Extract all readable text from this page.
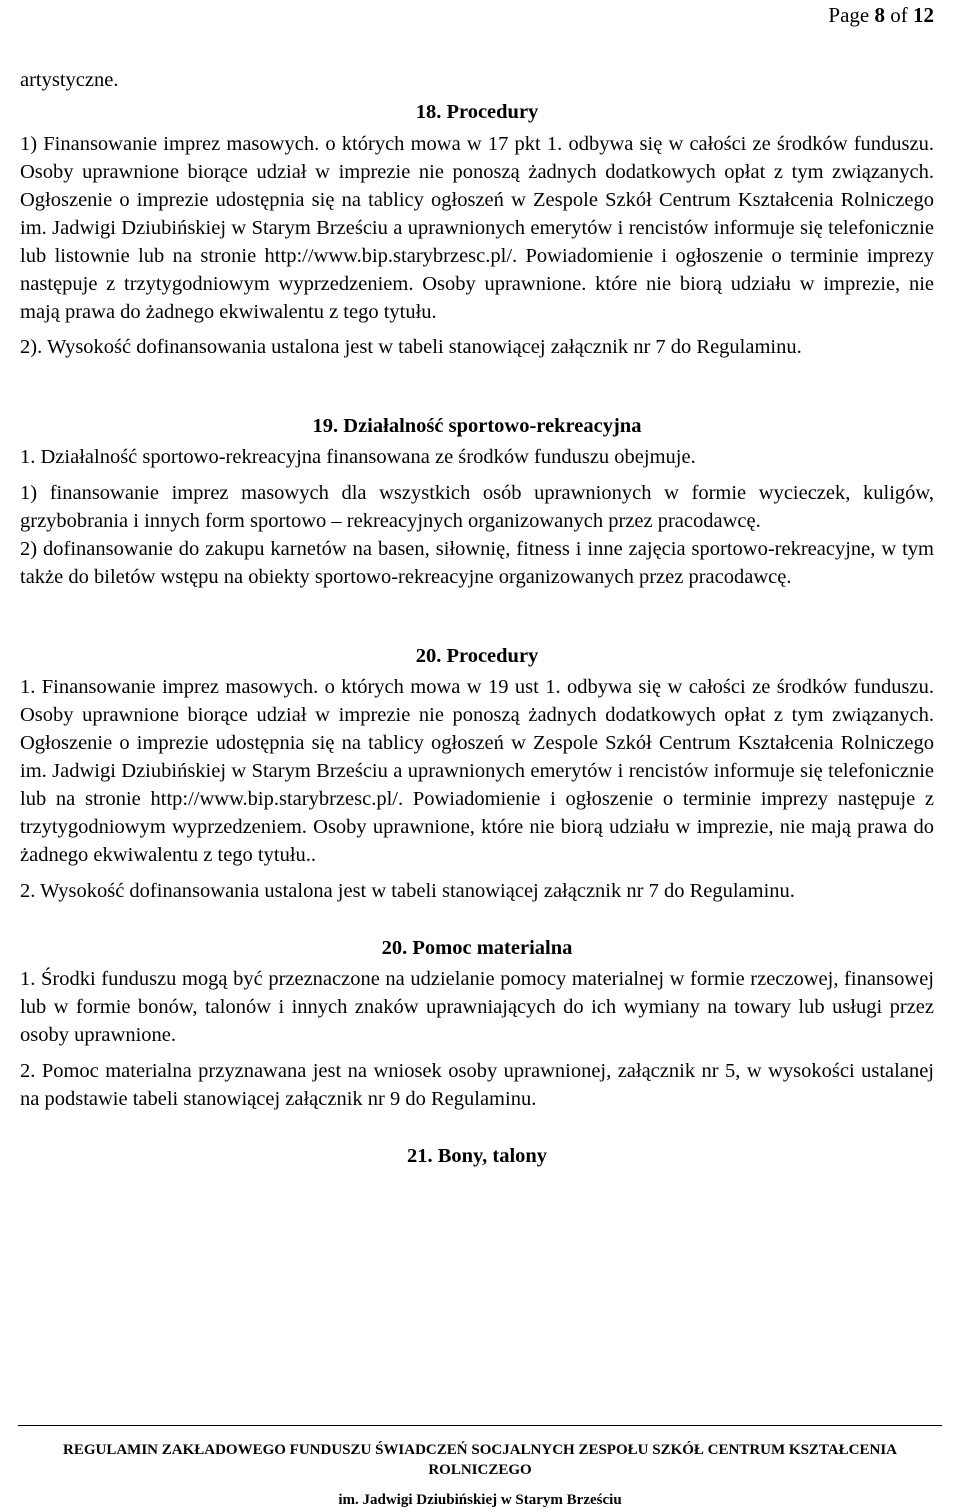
Page 8 of 12

artystyczne.

18. Procedury

1) Finansowanie imprez masowych. o których mowa w 17 pkt 1. odbywa się w całości ze środków funduszu. Osoby uprawnione biorące udział w imprezie nie ponoszą żadnych dodatkowych opłat z tym związanych. Ogłoszenie o imprezie udostępnia się na tablicy ogłoszeń w Zespole Szkół Centrum Kształcenia Rolniczego im. Jadwigi Dziubińskiej w Starym Brześciu a uprawnionych emerytów i rencistów informuje się telefonicznie lub listownie lub na stronie http://www.bip.starybrzesc.pl/. Powiadomienie i ogłoszenie o terminie imprezy następuje z trzytygodniowym wyprzedzeniem. Osoby uprawnione. które nie biorą udziału w imprezie, nie mają prawa do żadnego ekwiwalentu z tego tytułu.

2). Wysokość dofinansowania ustalona jest w tabeli stanowiącej załącznik nr 7 do Regulaminu.

19. Działalność sportowo-rekreacyjna

1. Działalność sportowo-rekreacyjna finansowana ze środków funduszu obejmuje.

1) finansowanie imprez masowych dla wszystkich osób uprawnionych w formie wycieczek, kuligów, grzybobrania i innych form sportowo – rekreacyjnych organizowanych przez pracodawcę.

2) dofinansowanie do zakupu karnetów na basen, siłownię, fitness i inne zajęcia sportowo-rekreacyjne, w tym także do biletów wstępu na obiekty sportowo-rekreacyjne organizowanych przez pracodawcę.

20. Procedury

1. Finansowanie imprez masowych. o których mowa w 19 ust 1. odbywa się w całości ze środków funduszu. Osoby uprawnione biorące udział w imprezie nie ponoszą żadnych dodatkowych opłat z tym związanych. Ogłoszenie o imprezie udostępnia się na tablicy ogłoszeń w Zespole Szkół Centrum Kształcenia Rolniczego im. Jadwigi Dziubińskiej w Starym Brześciu a uprawnionych emerytów i rencistów informuje się telefonicznie lub na stronie http://www.bip.starybrzesc.pl/. Powiadomienie i ogłoszenie o terminie imprezy następuje z trzytygodniowym wyprzedzeniem. Osoby uprawnione, które nie biorą udziału w imprezie, nie mają prawa do żadnego ekwiwalentu z tego tytułu..

2. Wysokość dofinansowania ustalona jest w tabeli stanowiącej załącznik nr 7 do Regulaminu.

20. Pomoc materialna

1. Środki funduszu mogą być przeznaczone na udzielanie pomocy materialnej w formie rzeczowej, finansowej lub w formie bonów, talonów i innych znaków uprawniających do ich wymiany na towary lub usługi przez osoby uprawnione.

2. Pomoc materialna przyznawana jest na wniosek osoby uprawnionej, załącznik nr 5, w wysokości ustalanej na podstawie tabeli stanowiącej załącznik nr 9 do Regulaminu.

21. Bony, talony
REGULAMIN ZAKŁADOWEGO FUNDUSZU ŚWIADCZEŃ SOCJALNYCH ZESPOŁU SZKÓŁ CENTRUM KSZTAŁCENIA ROLNICZEGO
im. Jadwigi Dziubińskiej w Starym Brześciu
